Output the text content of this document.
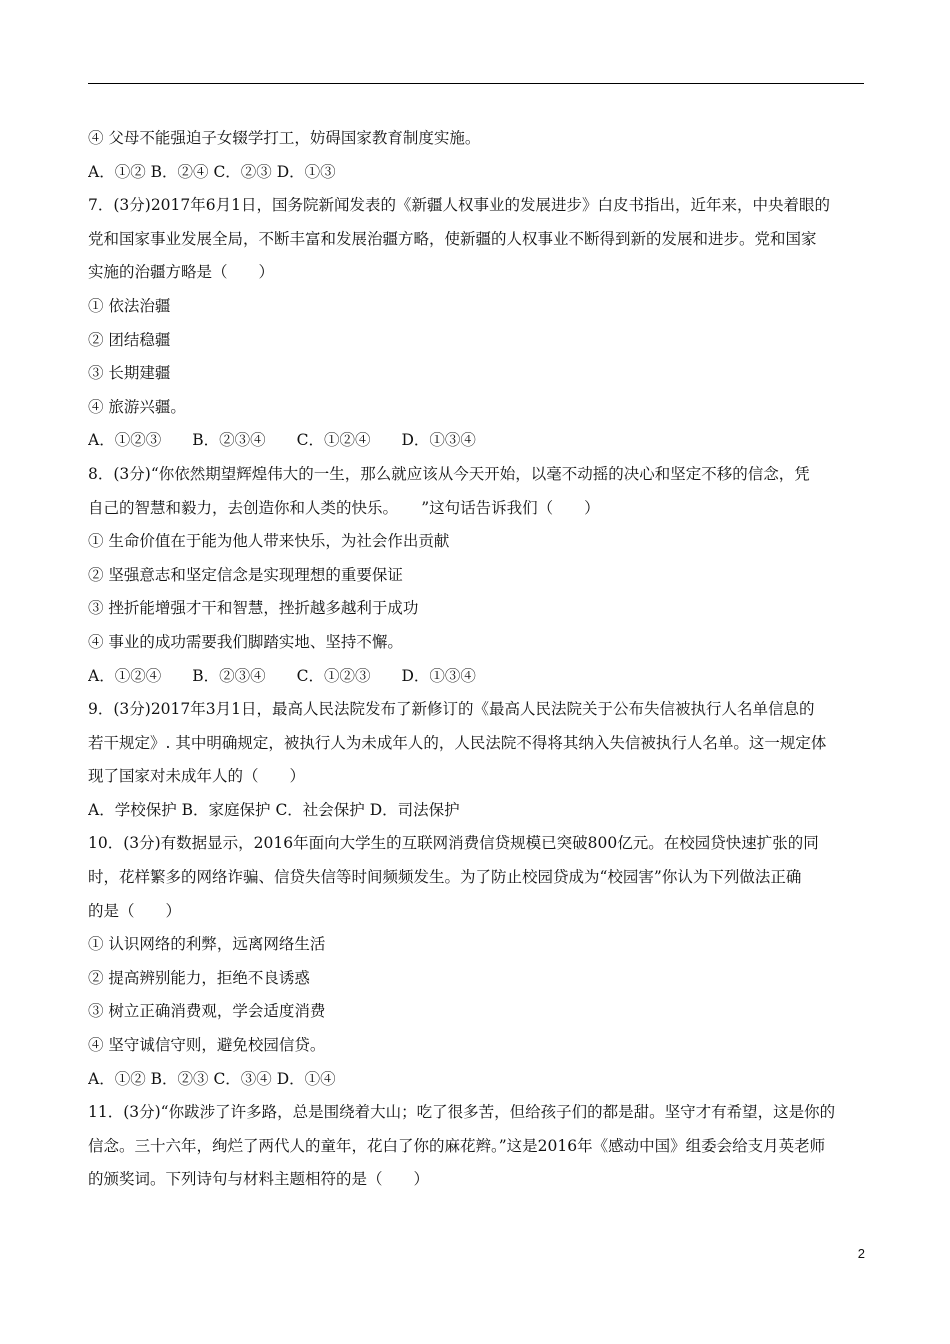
④ 父母不能强迫子女辍学打工，妨碍国家教育制度实施。
A．①② B．②④ C．②③ D．①③
7．(3分)2017年6月1日，国务院新闻发表的《新疆人权事业的发展进步》白皮书指出，近年来，中央着眼的
党和国家事业发展全局，不断丰富和发展治疆方略，使新疆的人权事业不断得到新的发展和进步。党和国家
实施的治疆方略是（　　）
① 依法治疆
② 团结稳疆
③ 长期建疆
④ 旅游兴疆。
A．①②③　　B．②③④　　C．①②④　　D．①③④
8．(3分)“你依然期望辉煌伟大的一生，那么就应该从今天开始，以毫不动摇的决心和坚定不移的信念，凭
自己的智慧和毅力，去创造你和人类的快乐。　　”这句话告诉我们（　　）
① 生命价值在于能为他人带来快乐，为社会作出贡献
② 坚强意志和坚定信念是实现理想的重要保证
③ 挫折能增强才干和智慧，挫折越多越利于成功
④ 事业的成功需要我们脚踏实地、坚持不懈。
A．①②④　　B．②③④　　C．①②③　　D．①③④
9．(3分)2017年3月1日，最高人民法院发布了新修订的《最高人民法院关于公布失信被执行人名单信息的
若干规定》. 其中明确规定，被执行人为未成年人的，人民法院不得将其纳入失信被执行人名单。这一规定体
现了国家对未成年人的（　　）
A．学校保护 B．家庭保护 C．社会保护 D．司法保护
10．(3分)有数据显示，2016年面向大学生的互联网消费信贷规模已突破800亿元。在校园贷快速扩张的同
时，花样繁多的网络诈骗、信贷失信等时间频频发生。为了防止校园贷成为“校园害”你认为下列做法正确
的是（　　）
① 认识网络的利弊，远离网络生活
② 提高辨别能力，拒绝不良诱惑
③ 树立正确消费观，学会适度消费
④ 坚守诚信守则，避免校园信贷。
A．①② B．②③ C．③④ D．①④
11．(3分)“你跋涉了许多路，总是围绕着大山；吃了很多苦，但给孩子们的都是甜。坚守才有希望，这是你的
信念。三十六年，绚烂了两代人的童年，花白了你的麻花辫。”这是2016年《感动中国》组委会给支月英老师
的颁奖词。下列诗句与材料主题相符的是（　　）
2
